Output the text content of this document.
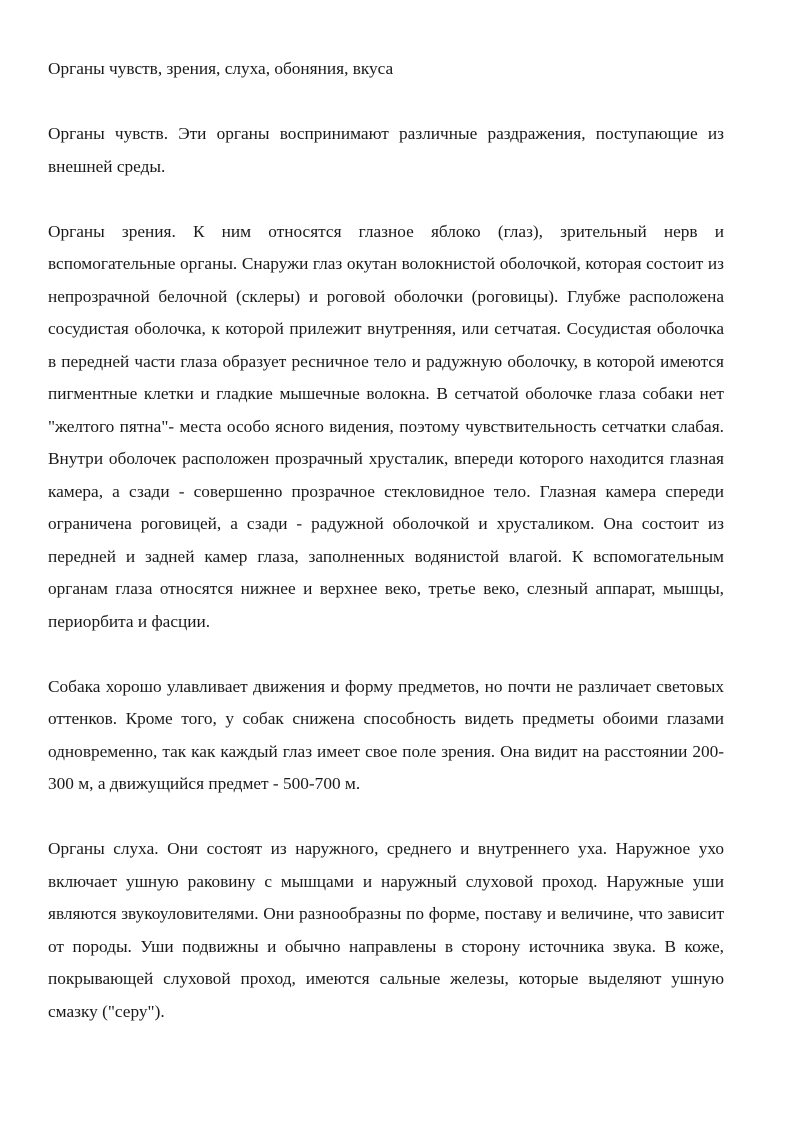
Органы чувств, зрения, слуха, обоняния, вкуса

Органы чувств. Эти органы воспринимают различные раздражения, поступающие из внешней среды.

Органы зрения. К ним относятся глазное яблоко (глаз), зрительный нерв и вспомогательные органы. Снаружи глаз окутан волокнистой оболочкой, которая состоит из непрозрачной белочной (склеры) и роговой оболочки (роговицы). Глубже расположена сосудистая оболочка, к которой прилежит внутренняя, или сетчатая. Сосудистая оболочка в передней части глаза образует ресничное тело и радужную оболочку, в которой имеются пигментные клетки и гладкие мышечные волокна. В сетчатой оболочке глаза собаки нет "желтого пятна"- места особо ясного видения, поэтому чувствительность сетчатки слабая. Внутри оболочек расположен прозрачный хрусталик, впереди которого находится глазная камера, а сзади - совершенно прозрачное стекловидное тело. Глазная камера спереди ограничена роговицей, а сзади - радужной оболочкой и хрусталиком. Она состоит из передней и задней камер глаза, заполненных водянистой влагой. К вспомогательным органам глаза относятся нижнее и верхнее веко, третье веко, слезный аппарат, мышцы, периорбита и фасции.

Собака хорошо улавливает движения и форму предметов, но почти не различает световых оттенков. Кроме того, у собак снижена способность видеть предметы обоими глазами одновременно, так как каждый глаз имеет свое поле зрения. Она видит на расстоянии 200- 300 м, а движущийся предмет - 500-700 м.

Органы слуха. Они состоят из наружного, среднего и внутреннего уха. Наружное ухо включает ушную раковину с мышцами и наружный слуховой проход. Наружные уши являются звукоуловителями. Они разнообразны по форме, поставу и величине, что зависит от породы. Уши подвижны и обычно направлены в сторону источника звука. В коже, покрывающей слуховой проход, имеются сальные железы, которые выделяют ушную смазку ("серу").
